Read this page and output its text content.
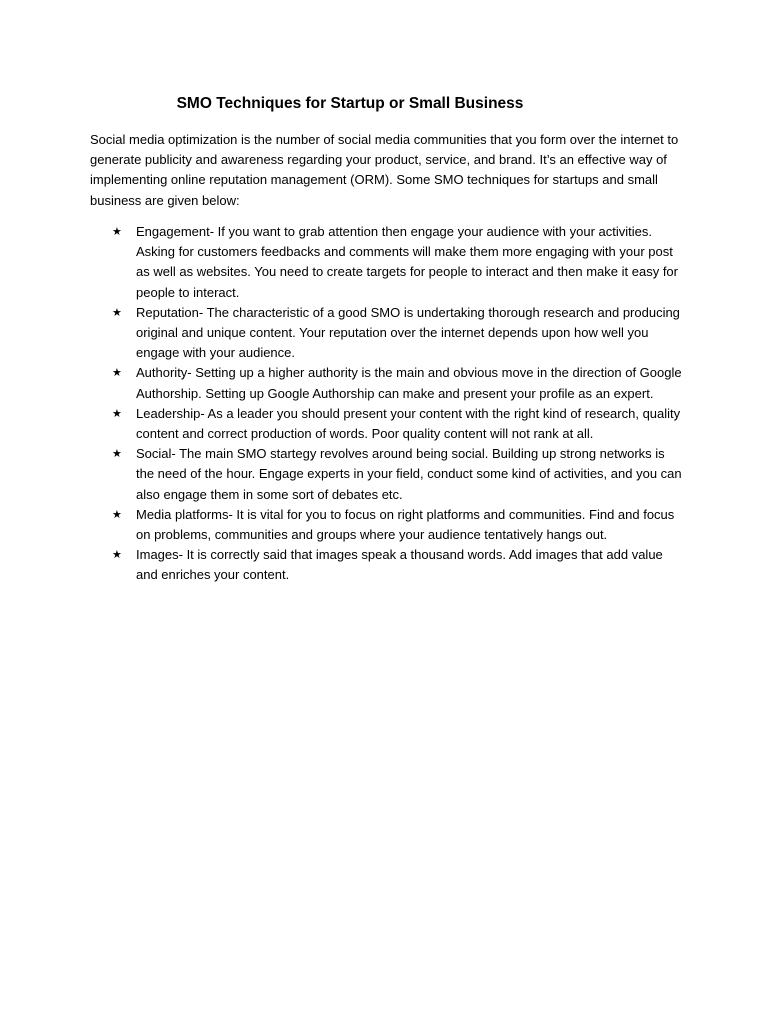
SMO Techniques for Startup or Small Business

Social media optimization is the number of social media communities that you form over the internet to generate publicity and awareness regarding your product, service, and brand. It’s an effective way of implementing online reputation management (ORM). Some SMO techniques for startups and small business are given below:

★ Engagement- If you want to grab attention then engage your audience with your activities. Asking for customers feedbacks and comments will make them more engaging with your post as well as websites. You need to create targets for people to interact and then make it easy for people to interact.
★ Reputation- The characteristic of a good SMO is undertaking thorough research and producing original and unique content. Your reputation over the internet depends upon how well you engage with your audience.
★ Authority- Setting up a higher authority is the main and obvious move in the direction of Google Authorship. Setting up Google Authorship can make and present your profile as an expert.
★ Leadership- As a leader you should present your content with the right kind of research, quality content and correct production of words. Poor quality content will not rank at all.
★ Social- The main SMO startegy revolves around being social. Building up strong networks is the need of the hour. Engage experts in your field, conduct some kind of activities, and you can also engage them in some sort of debates etc.
★ Media platforms- It is vital for you to focus on right platforms and communities. Find and focus on problems, communities and groups where your audience tentatively hangs out.
★ Images- It is correctly said that images speak a thousand words. Add images that add value and enriches your content.
